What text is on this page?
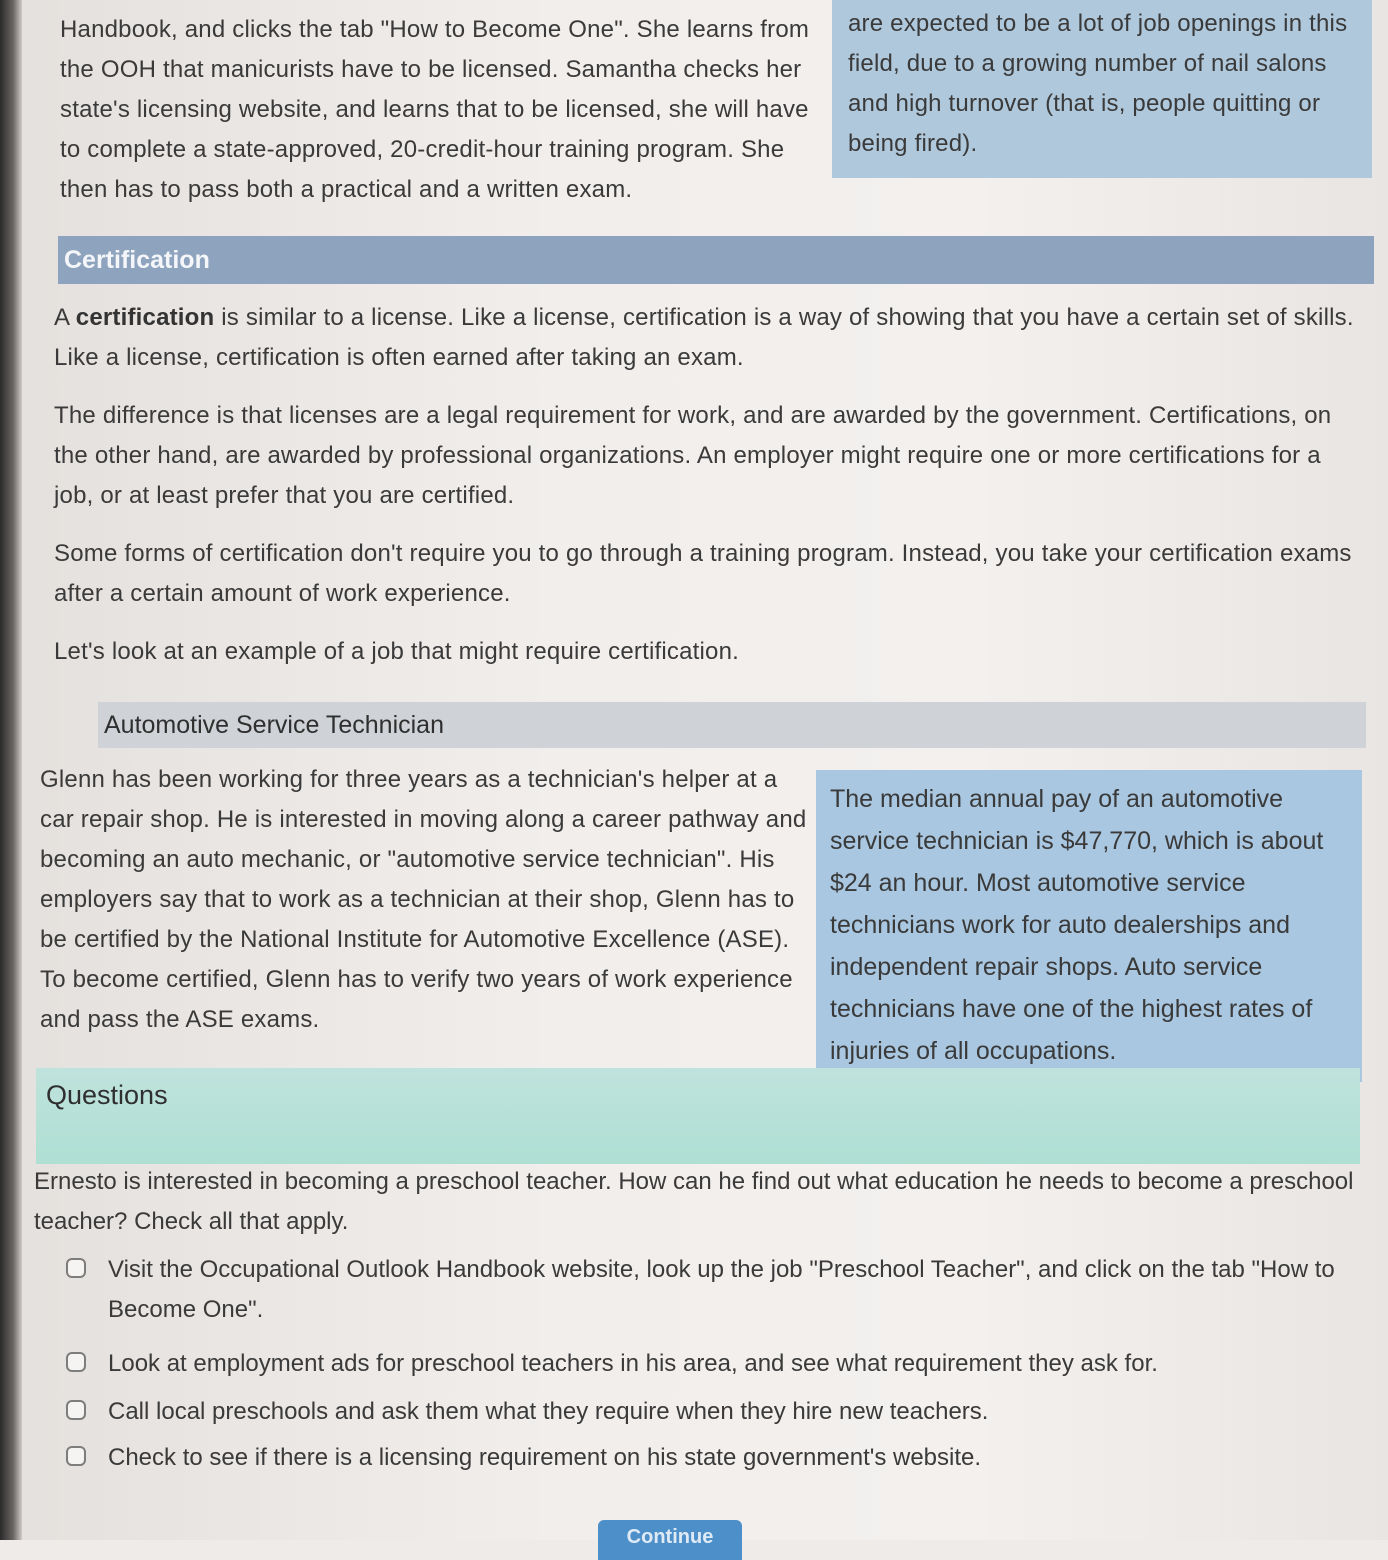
Handbook, and clicks the tab "How to Become One". She learns from the OOH that manicurists have to be licensed. Samantha checks her state's licensing website, and learns that to be licensed, she will have to complete a state-approved, 20-credit-hour training program. She then has to pass both a practical and a written exam.
are expected to be a lot of job openings in this field, due to a growing number of nail salons and high turnover (that is, people quitting or being fired).
Certification
A certification is similar to a license. Like a license, certification is a way of showing that you have a certain set of skills. Like a license, certification is often earned after taking an exam.
The difference is that licenses are a legal requirement for work, and are awarded by the government. Certifications, on the other hand, are awarded by professional organizations. An employer might require one or more certifications for a job, or at least prefer that you are certified.
Some forms of certification don't require you to go through a training program. Instead, you take your certification exams after a certain amount of work experience.
Let's look at an example of a job that might require certification.
Automotive Service Technician
Glenn has been working for three years as a technician's helper at a car repair shop. He is interested in moving along a career pathway and becoming an auto mechanic, or "automotive service technician". His employers say that to work as a technician at their shop, Glenn has to be certified by the National Institute for Automotive Excellence (ASE). To become certified, Glenn has to verify two years of work experience and pass the ASE exams.
The median annual pay of an automotive service technician is $47,770, which is about $24 an hour. Most automotive service technicians work for auto dealerships and independent repair shops. Auto service technicians have one of the highest rates of injuries of all occupations.
Questions
Ernesto is interested in becoming a preschool teacher. How can he find out what education he needs to become a preschool teacher? Check all that apply.
Visit the Occupational Outlook Handbook website, look up the job "Preschool Teacher", and click on the tab "How to Become One".
Look at employment ads for preschool teachers in his area, and see what requirement they ask for.
Call local preschools and ask them what they require when they hire new teachers.
Check to see if there is a licensing requirement on his state government's website.
Continue
